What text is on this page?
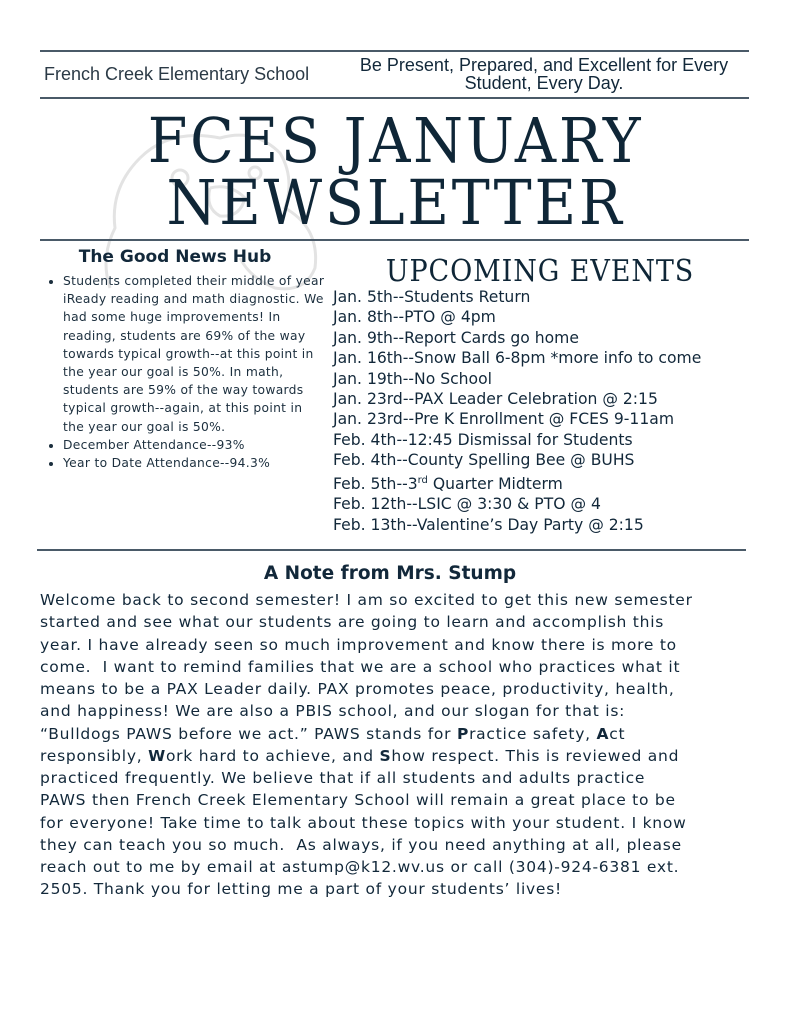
French Creek Elementary School	Be Present, Prepared, and Excellent for Every Student, Every Day.
FCES JANUARY
NEWSLETTER
The Good News Hub
• Students completed their middle of year iReady reading and math diagnostic. We had some huge improvements! In reading, students are 69% of the way towards typical growth--at this point in the year our goal is 50%. In math, students are 59% of the way towards typical growth--again, at this point in the year our goal is 50%.
• December Attendance--93%
• Year to Date Attendance--94.3%
UPCOMING EVENTS
Jan. 5th--Students Return
Jan. 8th--PTO @ 4pm
Jan. 9th--Report Cards go home
Jan. 16th--Snow Ball 6-8pm *more info to come
Jan. 19th--No School
Jan. 23rd--PAX Leader Celebration @ 2:15
Jan. 23rd--Pre K Enrollment @ FCES 9-11am
Feb. 4th--12:45 Dismissal for Students
Feb. 4th--County Spelling Bee @ BUHS
Feb. 5th--3rd Quarter Midterm
Feb. 12th--LSIC @ 3:30 & PTO @ 4
Feb. 13th--Valentine’s Day Party @ 2:15
A Note from Mrs. Stump
Welcome back to second semester! I am so excited to get this new semester
started and see what our students are going to learn and accomplish this
year. I have already seen so much improvement and know there is more to
come.  I want to remind families that we are a school who practices what it
means to be a PAX Leader daily. PAX promotes peace, productivity, health,
and happiness! We are also a PBIS school, and our slogan for that is:
“Bulldogs PAWS before we act.” PAWS stands for Practice safety, Act
responsibly, Work hard to achieve, and Show respect. This is reviewed and
practiced frequently. We believe that if all students and adults practice
PAWS then French Creek Elementary School will remain a great place to be
for everyone! Take time to talk about these topics with your student. I know
they can teach you so much.  As always, if you need anything at all, please
reach out to me by email at astump@k12.wv.us or call (304)-924-6381 ext.
2505. Thank you for letting me a part of your students’ lives!
